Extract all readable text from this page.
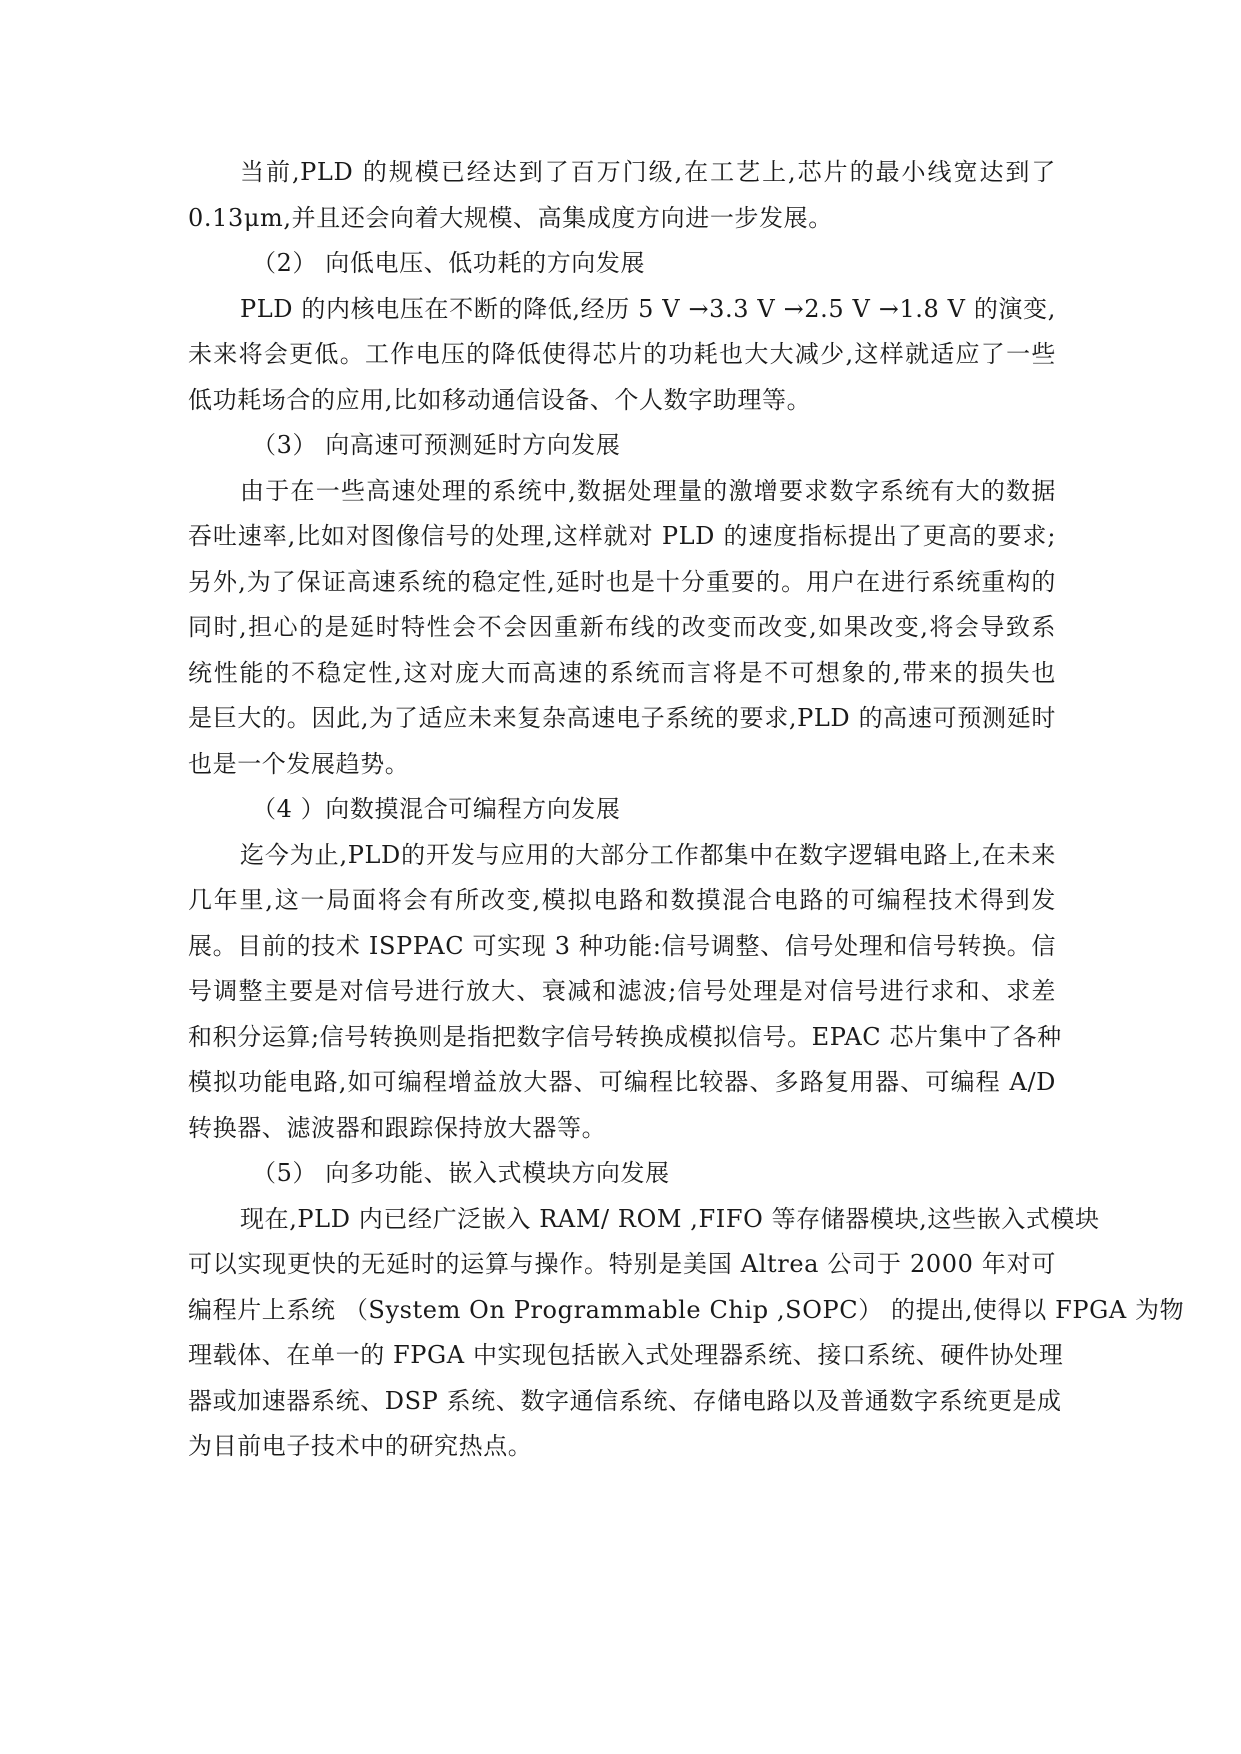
当前,PLD 的规模已经达到了百万门级,在工艺上,芯片的最小线宽达到了
0.13μm,并且还会向着大规模、高集成度方向进一步发展。
（2） 向低电压、低功耗的方向发展
PLD 的内核电压在不断的降低,经历 5 V →3.3 V →2.5 V →1.8 V 的演变,
未来将会更低。工作电压的降低使得芯片的功耗也大大减少,这样就适应了一些
低功耗场合的应用,比如移动通信设备、个人数字助理等。
（3） 向高速可预测延时方向发展
由于在一些高速处理的系统中,数据处理量的激增要求数字系统有大的数据
吞吐速率,比如对图像信号的处理,这样就对 PLD 的速度指标提出了更高的要求;
另外,为了保证高速系统的稳定性,延时也是十分重要的。用户在进行系统重构的
同时,担心的是延时特性会不会因重新布线的改变而改变,如果改变,将会导致系
统性能的不稳定性,这对庞大而高速的系统而言将是不可想象的,带来的损失也
是巨大的。因此,为了适应未来复杂高速电子系统的要求,PLD 的高速可预测延时
也是一个发展趋势。
（4 ）向数摸混合可编程方向发展
迄今为止,PLD的开发与应用的大部分工作都集中在数字逻辑电路上,在未来
几年里,这一局面将会有所改变,模拟电路和数摸混合电路的可编程技术得到发
展。目前的技术 ISPPAC 可实现 3 种功能:信号调整、信号处理和信号转换。信
号调整主要是对信号进行放大、衰减和滤波;信号处理是对信号进行求和、求差
和积分运算;信号转换则是指把数字信号转换成模拟信号。EPAC 芯片集中了各种
模拟功能电路,如可编程增益放大器、可编程比较器、多路复用器、可编程 A/D
转换器、滤波器和跟踪保持放大器等。
（5） 向多功能、嵌入式模块方向发展
现在,PLD 内已经广泛嵌入 RAM/ ROM ,FIFO 等存储器模块,这些嵌入式模块
可以实现更快的无延时的运算与操作。特别是美国 Altrea 公司于 2000 年对可
编程片上系统 （System On Programmable Chip ,SOPC） 的提出,使得以 FPGA 为物
理载体、在单一的 FPGA 中实现包括嵌入式处理器系统、接口系统、硬件协处理
器或加速器系统、DSP 系统、数字通信系统、存储电路以及普通数字系统更是成
为目前电子技术中的研究热点。
